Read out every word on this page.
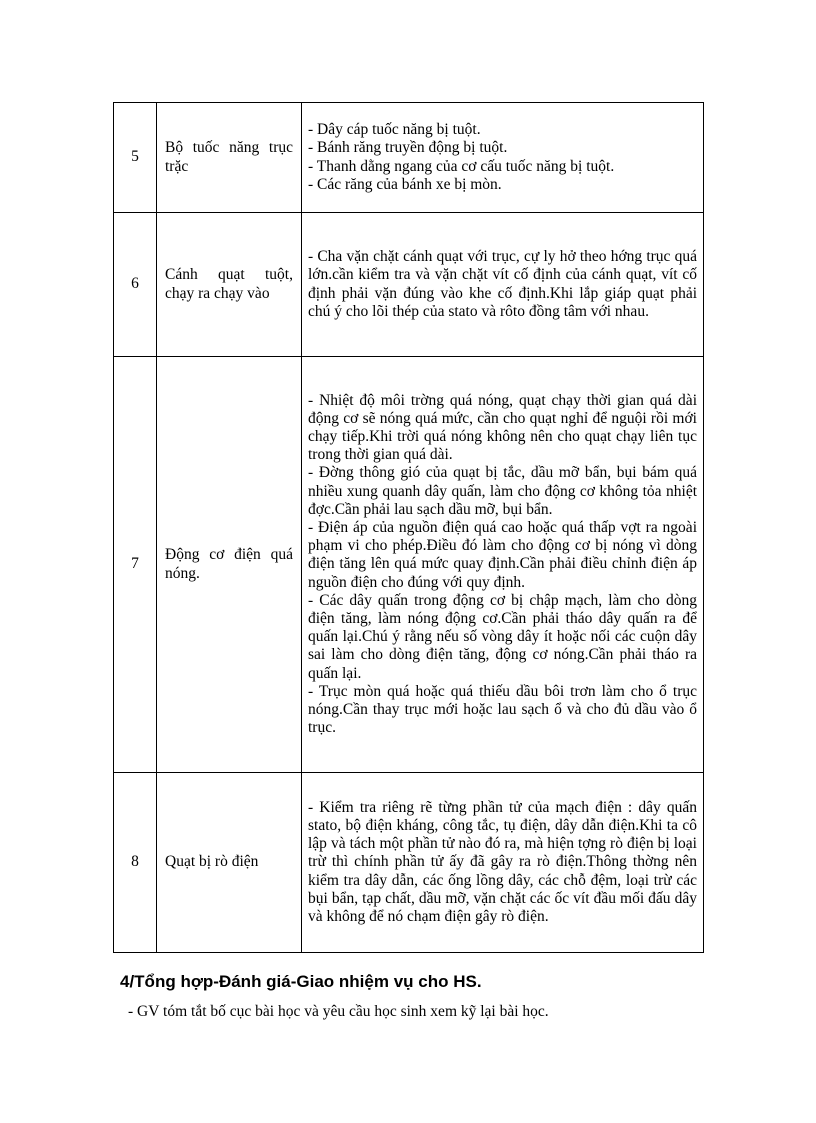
5	Bộ tuốc năng trục trặc	- Dây cáp tuốc năng bị tuột.
- Bánh răng truyền động bị tuột.
- Thanh dằng ngang của cơ cấu tuốc năng bị tuột.
- Các răng của bánh xe bị mòn.

6	Cánh quạt tuột, chạy ra chạy vào	- Cha vặn chặt cánh quạt với trục, cự ly hở theo hớng trục quá lớn.cần kiểm tra và vặn chặt vít cố định của cánh quạt, vít cố định phải vặn đúng vào khe cố định.Khi lắp giáp quạt phải chú ý cho lõi thép của stato và rôto đồng tâm với nhau.

7	Động cơ điện quá nóng.	- Nhiệt độ môi trờng quá nóng, quạt chạy thời gian quá dài động cơ sẽ nóng quá mức, cần cho quạt nghỉ để nguội rồi mới chạy tiếp.Khi trời quá nóng không nên cho quạt chạy liên tục trong thời gian quá dài.
- Đờng thông gió của quạt bị tắc, dầu mỡ bẩn, bụi bám quá nhiều xung quanh dây quấn, làm cho động cơ không tỏa nhiệt đợc.Cần phải lau sạch dầu mỡ, bụi bẩn.
- Điện áp của nguồn điện quá cao hoặc quá thấp vợt ra ngoài phạm vi cho phép.Điều đó làm cho động cơ bị nóng vì dòng điện tăng lên quá mức quay định.Cần phải điều chỉnh điện áp nguồn điện cho đúng với quy định.
- Các dây quấn trong động cơ bị chập mạch, làm cho dòng điện tăng, làm nóng động cơ.Cần phải tháo dây quấn ra để quấn lại.Chú ý rằng nếu số vòng dây ít hoặc nối các cuộn dây sai làm cho dòng điện tăng, động cơ nóng.Cần phải tháo ra quấn lại.
- Trục mòn quá hoặc quá thiếu dầu bôi trơn làm cho ổ trục nóng.Cần thay trục mới hoặc lau sạch ổ và cho đủ dầu vào ổ trục.

8	Quạt bị rò điện	- Kiểm tra riêng rẽ từng phần tử của mạch điện : dây quấn stato, bộ điện kháng, công tắc, tụ điện, dây dẫn điện.Khi ta cô lập và tách một phần tử nào đó ra, mà hiện tợng rò điện bị loại trừ thì chính phần tử ấy đã gây ra rò điện.Thông thờng nên kiểm tra dây dẫn, các ống lồng dây, các chỗ đệm, loại trừ các bụi bẩn, tạp chất, dầu mỡ, vặn chặt các ốc vít đầu mối đấu dây và không để nó chạm điện gây rò điện.
4/Tổng hợp-Đánh giá-Giao nhiệm vụ cho HS.

- GV tóm tắt bố cục bài học và yêu cầu học sinh xem kỹ lại bài học.
